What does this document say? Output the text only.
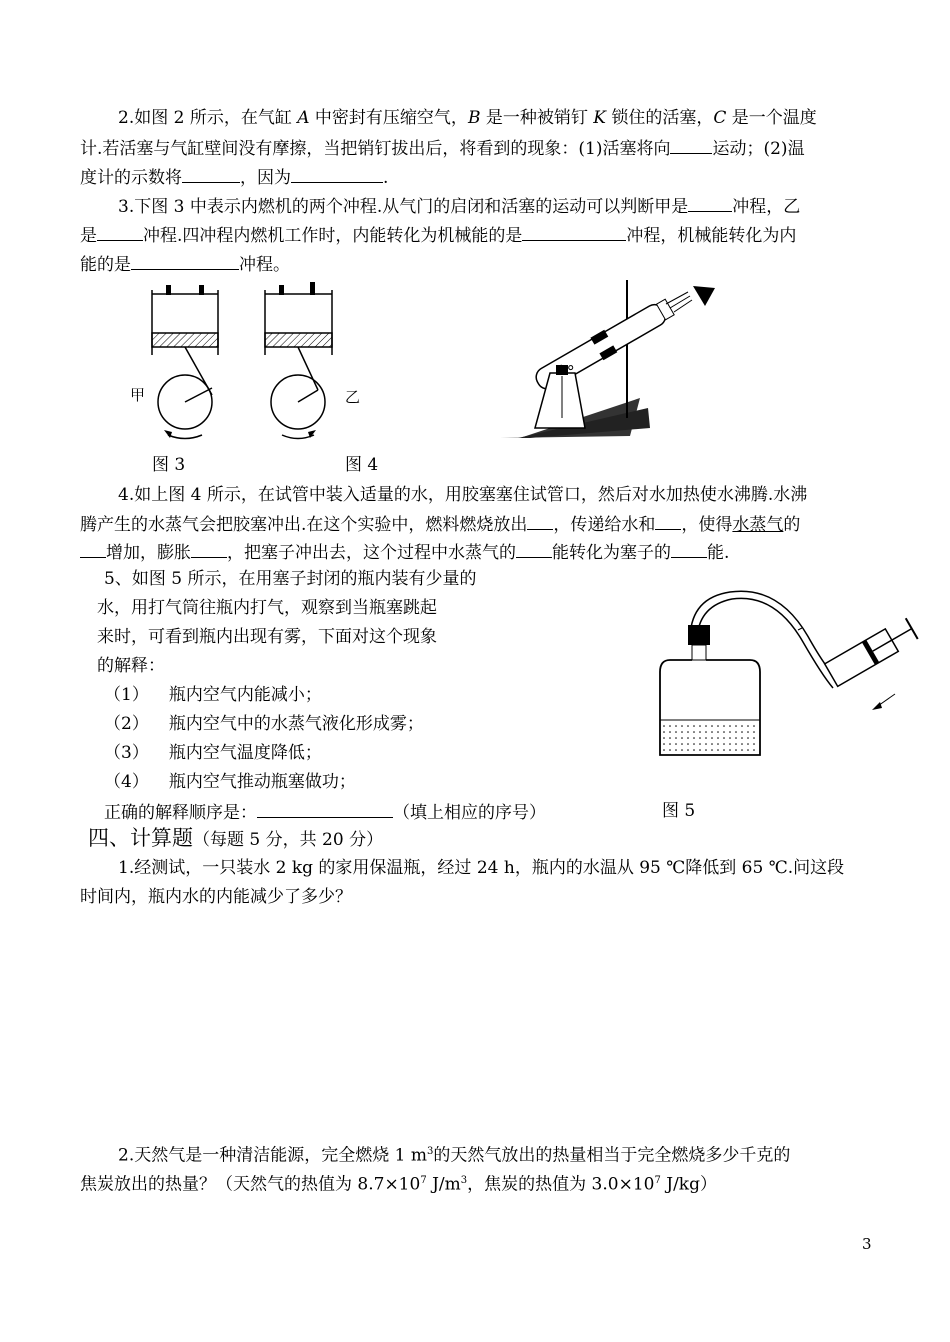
2.如图 2 所示，在气缸 A 中密封有压缩空气，B 是一种被销钉 K 锁住的活塞，C 是一个温度
计.若活塞与气缸壁间没有摩擦，当把销钉拔出后，将看到的现象：(1)活塞将向 运动；(2)温
度计的示数将	，因为	.
3.下图 3 中表示内燃机的两个冲程.从气门的启闭和活塞的运动可以判断甲是	冲程，乙
是	冲程.四冲程内燃机工作时，内能转化为机械能的是	冲程，机械能转化为内
能的是	冲程。
甲	乙
图 3	图 4
4.如上图 4 所示，在试管中装入适量的水，用胶塞塞住试管口，然后对水加热使水沸腾.水沸
腾产生的水蒸气会把胶塞冲出.在这个实验中，燃料燃烧放出 ，传递给水和 ，使得水蒸气的
增加，膨胀 ，把塞子冲出去，这个过程中水蒸气的 能转化为塞子的 能.
5、如图 5 所示，在用塞子封闭的瓶内装有少量的
水，用打气筒往瓶内打气，观察到当瓶塞跳起
来时，可看到瓶内出现有雾，下面对这个现象
的解释：
（1） 瓶内空气内能减小；
（2） 瓶内空气中的水蒸气液化形成雾；
（3） 瓶内空气温度降低；
（4） 瓶内空气推动瓶塞做功；
正确的解释顺序是：	（填上相应的序号）	图 5
四、计算题（每题 5 分，共 20 分）
1.经测试，一只装水 2 kg 的家用保温瓶，经过 24 h，瓶内的水温从 95 ℃降低到 65 ℃.问这段
时间内，瓶内水的内能减少了多少？
2.天然气是一种清洁能源，完全燃烧 1 $m^3$的天然气放出的热量相当于完全燃烧多少千克的
焦炭放出的热量？（天然气的热值为 $8.7\times 10^7$ $J/m^3$，焦炭的热值为 $3.0\times 10^7$ J/kg）
3
